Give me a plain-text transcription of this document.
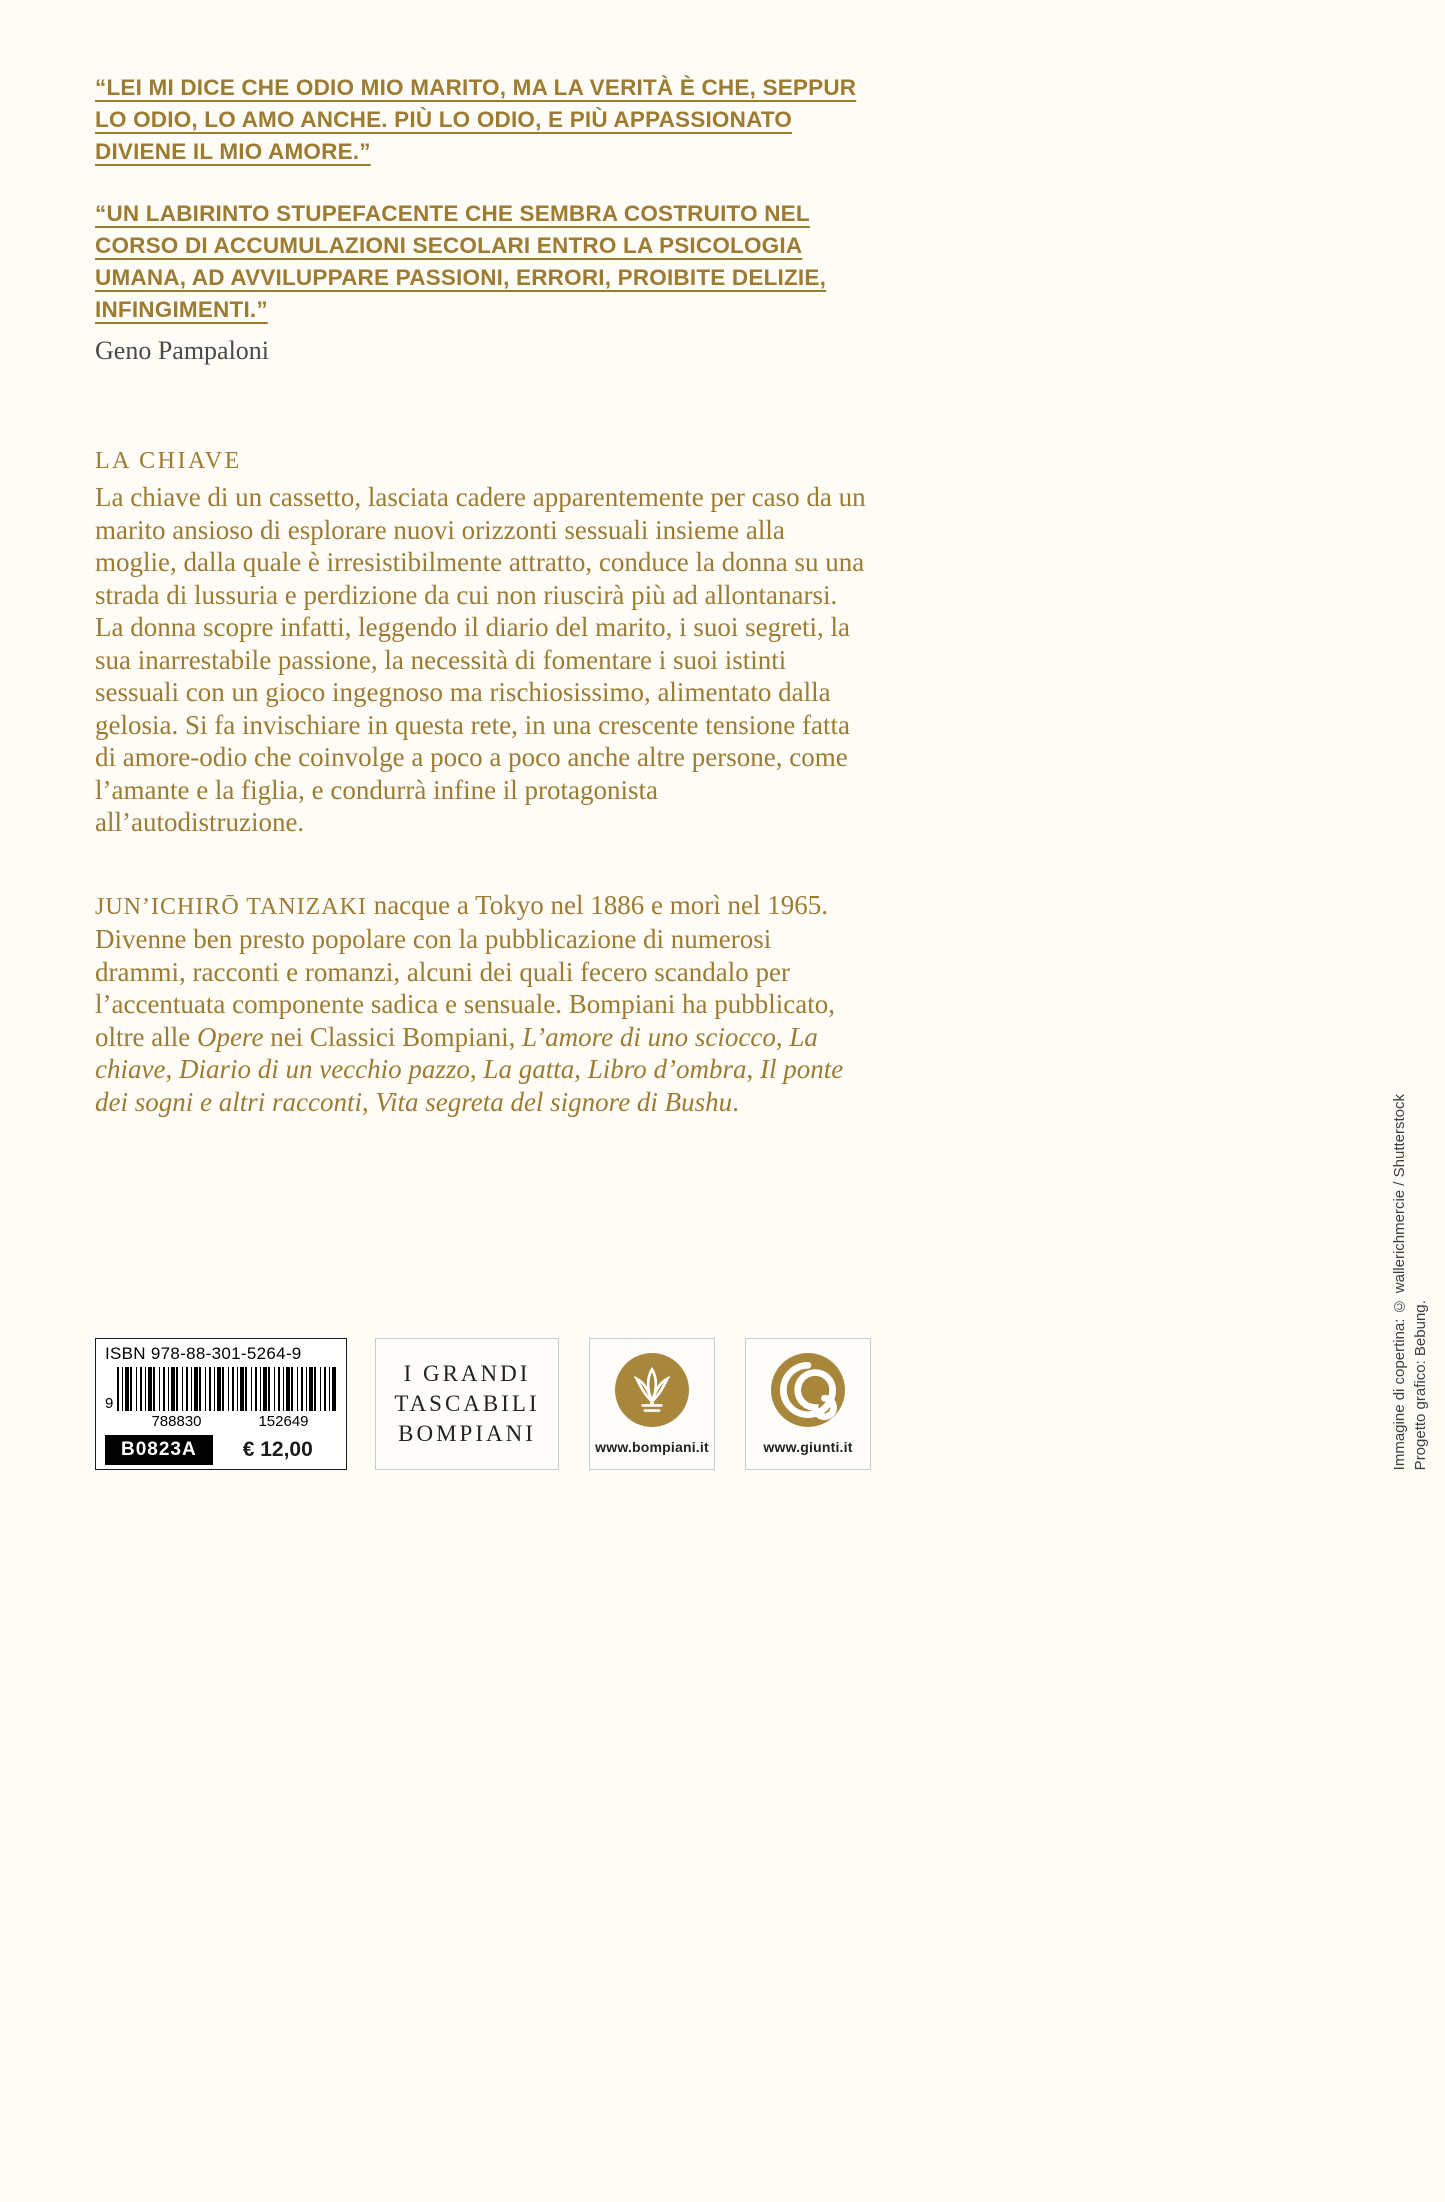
“LEI MI DICE CHE ODIO MIO MARITO, MA LA VERITÀ È CHE, SEPPUR LO ODIO, LO AMO ANCHE. PIÙ LO ODIO, E PIÙ APPASSIONATO DIVIENE IL MIO AMORE.”

“UN LABIRINTO STUPEFACENTE CHE SEMBRA COSTRUITO NEL CORSO DI ACCUMULAZIONI SECOLARI ENTRO LA PSICOLOGIA UMANA, AD AVVILUPPARE PASSIONI, ERRORI, PROIBITE DELIZIE, INFINGIMENTI.”

Geno Pampaloni

LA CHIAVE

La chiave di un cassetto, lasciata cadere apparentemente per caso da un marito ansioso di esplorare nuovi orizzonti sessuali insieme alla moglie, dalla quale è irresistibilmente attratto, conduce la donna su una strada di lussuria e perdizione da cui non riuscirà più ad allontanarsi. La donna scopre infatti, leggendo il diario del marito, i suoi segreti, la sua inarrestabile passione, la necessità di fomentare i suoi istinti sessuali con un gioco ingegnoso ma rischiosissimo, alimentato dalla gelosia. Si fa invischiare in questa rete, in una crescente tensione fatta di amore-odio che coinvolge a poco a poco anche altre persone, come l’amante e la figlia, e condurrà infine il protagonista all’autodistruzione.

JUN’ICHIRŌ TANIZAKI nacque a Tokyo nel 1886 e morì nel 1965. Divenne ben presto popolare con la pubblicazione di numerosi drammi, racconti e romanzi, alcuni dei quali fecero scandalo per l’accentuata componente sadica e sensuale. Bompiani ha pubblicato, oltre alle Opere nei Classici Bompiani, L’amore di uno sciocco, La chiave, Diario di un vecchio pazzo, La gatta, Libro d’ombra, Il ponte dei sogni e altri racconti, Vita segreta del signore di Bushu.

ISBN 978-88-301-5264-9
9
788830	152649
B0823A	€ 12,00
I GRANDI
TASCABILI
BOMPIANI
www.bompiani.it	www.giunti.it	Immagine di copertina: © wallerichmercie / Shutterstock Progetto grafico: Bebung.
